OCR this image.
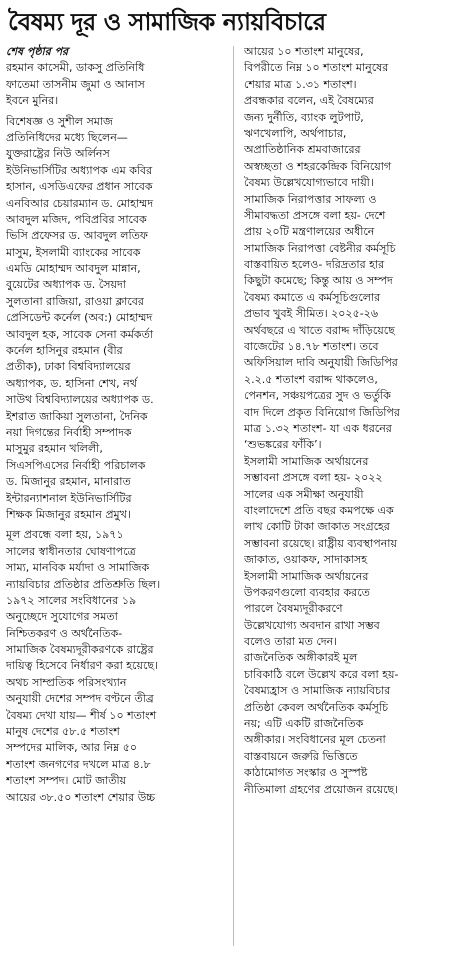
বৈষম্য দূর ও সামাজিক ন্যায়বিচারে
শেষ পৃষ্ঠার পর
রহমান কাসেমী, ডাকসু প্রতিনিধি
ফাতেমা তাসনীম জুমা ও আনাস
ইবনে মুনির।
বিশেষজ্ঞ ও সুশীল সমাজ
প্রতিনিধিদের মধ্যে ছিলেন—
যুক্তরাষ্ট্রের নিউ অর্লিনস
ইউনিভার্সিটির অধ্যাপক এম কবির
হাসান, এসডিএফের প্রধান সাবেক
এনবিআর চেয়ারম্যান ড. মোহাম্মদ
আবদুল মজিদ, পবিপ্রবির সাবেক
ভিসি প্রফেসর ড. আবদুল লতিফ
মাসুম, ইসলামী ব্যাংকের সাবেক
এমডি মোহাম্মদ আবদুল মান্নান,
বুয়েটের অধ্যাপক ড. সৈয়দা
সুলতানা রাজিয়া, রাওয়া ক্লাবের
প্রেসিডেন্ট কর্নেল (অব:) মোহাম্মদ
আবদুল হক, সাবেক সেনা কর্মকর্তা
কর্নেল হাসিনুর রহমান (বীর
প্রতীক), ঢাকা বিশ্ববিদ্যালয়ের
অধ্যাপক, ড. হাসিনা শেখ, নর্থ
সাউথ বিশ্ববিদ্যালয়ের অধ্যাপক ড.
ইশরাত জাকিয়া সুলতানা, দৈনিক
নয়া দিগন্তের নির্বাহী সম্পাদক
মাসুমুর রহমান খলিলী,
সিএসপিএসের নির্বাহী পরিচালক
ড. মিজানুর রহমান, মানারাত
ইন্টারন্যাশনাল ইউনিভার্সিটির
শিক্ষক মিজানুর রহমান প্রমুখ।
মূল প্রবন্ধে বলা হয়, ১৯৭১
সালের স্বাধীনতার ঘোষণাপত্রে
সাম্য, মানবিক মর্যাদা ও সামাজিক
ন্যায়বিচার প্রতিষ্ঠার প্রতিশ্রুতি ছিল।
১৯৭২ সালের সংবিধানের ১৯
অনুচ্ছেদে সুযোগের সমতা
নিশ্চিতকরণ ও অর্থনৈতিক-
সামাজিক বৈষম্যদূরীকরণকে রাষ্ট্রের
দায়িত্ব হিসেবে নির্ধারণ করা হয়েছে।
অথচ সাম্প্রতিক পরিসংখ্যান
অনুযায়ী দেশের সম্পদ বণ্টনে তীব্র
বৈষম্য দেখা যায়— শীর্ষ ১০ শতাংশ
মানুষ দেশের ৫৮.৫ শতাংশ
সম্পদের মালিক, আর নিম্ন ৫০
শতাংশ জনগণের দখলে মাত্র ৪.৮
শতাংশ সম্পদ। মোট জাতীয়
আয়ের ৩৮.৫০ শতাংশ শেয়ার উচ্চ
আয়ের ১০ শতাংশ মানুষের,
বিপরীতে নিম্ন ১০ শতাংশ মানুষের
শেয়ার মাত্র ১.৩১ শতাংশ।
প্রবন্ধকার বলেন, এই বৈষম্যের
জন্য দুর্নীতি, ব্যাংক লুটপাট,
ঋণখেলাপি, অর্থপাচার,
অপ্রাতিষ্ঠানিক শ্রমবাজারের
অস্বচ্ছতা ও শহরকেন্দ্রিক বিনিয়োগ
বৈষম্য উল্লেখযোগ্যভাবে দায়ী।
সামাজিক নিরাপত্তার সাফল্য ও
সীমাবদ্ধতা প্রসঙ্গে বলা হয়- দেশে
প্রায় ২০টি মন্ত্রণালয়ের অধীনে
সামাজিক নিরাপত্তা বেষ্টনীর কর্মসূচি
বাস্তবায়িত হলেও- দরিদ্রতার হার
কিছুটা কমেছে; কিন্তু আয় ও সম্পদ
বৈষম্য কমাতে এ কর্মসূচিগুলোর
প্রভাব খুবই সীমিত। ২০২৫-২৬
অর্থবছরে এ খাতে বরাদ্দ দাঁড়িয়েছে
বাজেটের ১৪.৭৮ শতাংশ। তবে
অফিসিয়াল দাবি অনুযায়ী জিডিপির
২.২.৫ শতাংশ বরাদ্দ থাকলেও,
পেনশন, সঞ্চয়পত্রের সুদ ও ভর্তুকি
বাদ দিলে প্রকৃত বিনিয়োগ জিডিপির
মাত্র ১.৩২ শতাংশ- যা এক ধরনের
‘শুভঙ্করের ফাঁকি’।
ইসলামী সামাজিক অর্থায়নের
সম্ভাবনা প্রসঙ্গে বলা হয়- ২০২২
সালের এক সমীক্ষা অনুযায়ী
বাংলাদেশে প্রতি বছর কমপক্ষে এক
লাখ কোটি টাকা জাকাত সংগ্রহের
সম্ভাবনা রয়েছে। রাষ্ট্রীয় ব্যবস্থাপনায়
জাকাত, ওয়াকফ, সাদাকাসহ
ইসলামী সামাজিক অর্থায়নের
উপকরণগুলো ব্যবহার করতে
পারলে বৈষম্যদূরীকরণে
উল্লেখযোগ্য অবদান রাখা সম্ভব
বলেও তারা মত দেন।
রাজনৈতিক অঙ্গীকারই মূল
চাবিকাঠি বলে উল্লেখ করে বলা হয়-
বৈষম্যহ্রাস ও সামাজিক ন্যায়বিচার
প্রতিষ্ঠা কেবল অর্থনৈতিক কর্মসূচি
নয়; এটি একটি রাজনৈতিক
অঙ্গীকার। সংবিধানের মূল চেতনা
বাস্তবায়নে জরুরি ভিত্তিতে
কাঠামোগত সংস্কার ও সুস্পষ্ট
নীতিমালা গ্রহণের প্রয়োজন রয়েছে।
